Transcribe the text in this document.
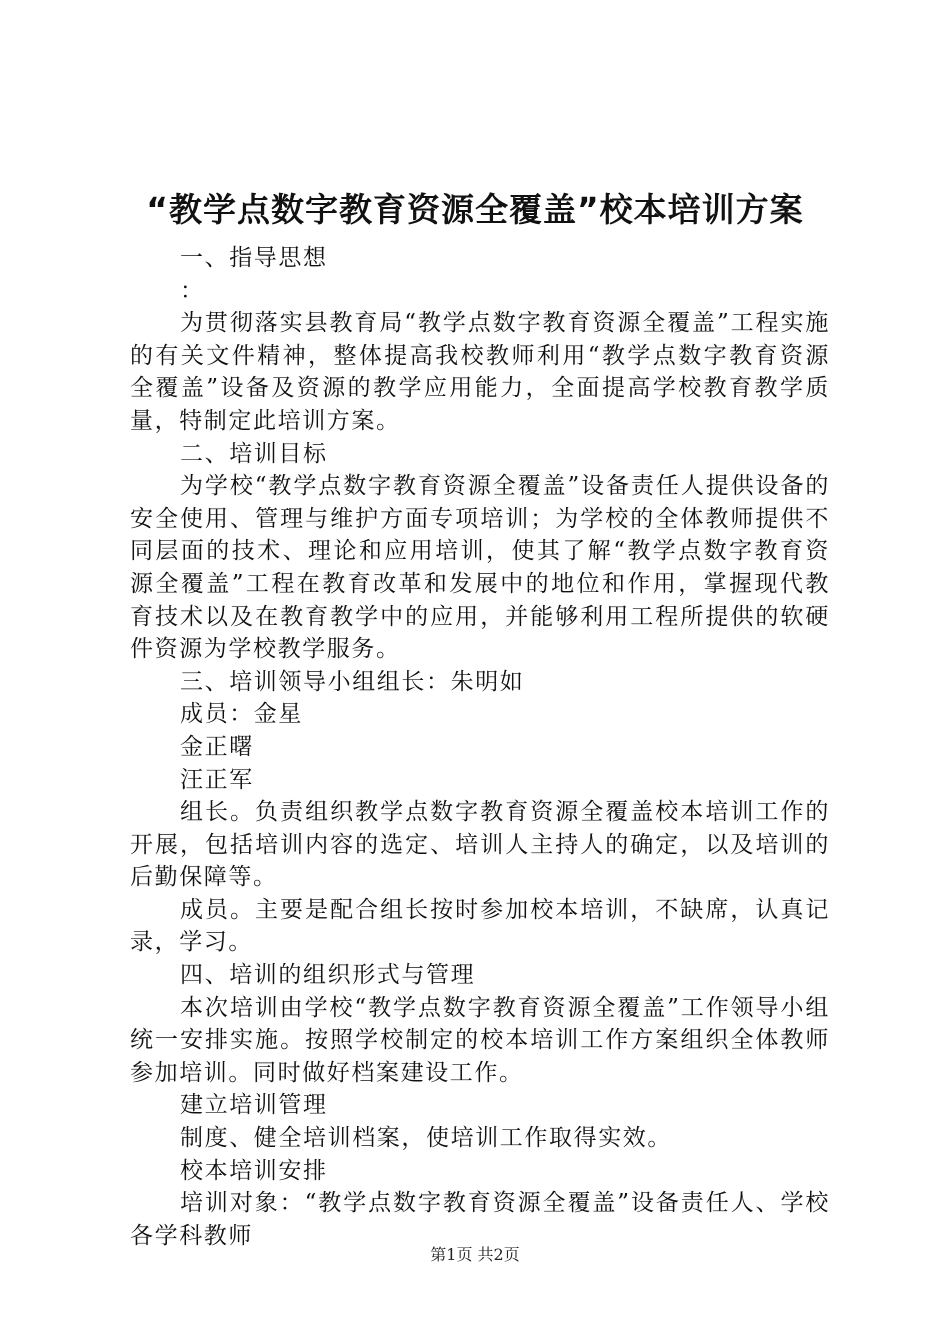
“教学点数字教育资源全覆盖”校本培训方案

一、指导思想

：

为贯彻落实县教育局“教学点数字教育资源全覆盖”工程实施的有关文件精神，整体提高我校教师利用“教学点数字教育资源全覆盖”设备及资源的教学应用能力，全面提高学校教育教学质量，特制定此培训方案。

二、培训目标

为学校“教学点数字教育资源全覆盖”设备责任人提供设备的安全使用、管理与维护方面专项培训；为学校的全体教师提供不同层面的技术、理论和应用培训，使其了解“教学点数字教育资源全覆盖”工程在教育改革和发展中的地位和作用，掌握现代教育技术以及在教育教学中的应用，并能够利用工程所提供的软硬件资源为学校教学服务。

三、培训领导小组组长：朱明如

成员：金星

金正曙

汪正军

组长。负责组织教学点数字教育资源全覆盖校本培训工作的开展，包括培训内容的选定、培训人主持人的确定，以及培训的后勤保障等。

成员。主要是配合组长按时参加校本培训，不缺席，认真记录，学习。

四、培训的组织形式与管理

本次培训由学校“教学点数字教育资源全覆盖”工作领导小组统一安排实施。按照学校制定的校本培训工作方案组织全体教师参加培训。同时做好档案建设工作。

建立培训管理

制度、健全培训档案，使培训工作取得实效。

校本培训安排

培训对象：“教学点数字教育资源全覆盖”设备责任人、学校各学科教师

第1页 共2页
